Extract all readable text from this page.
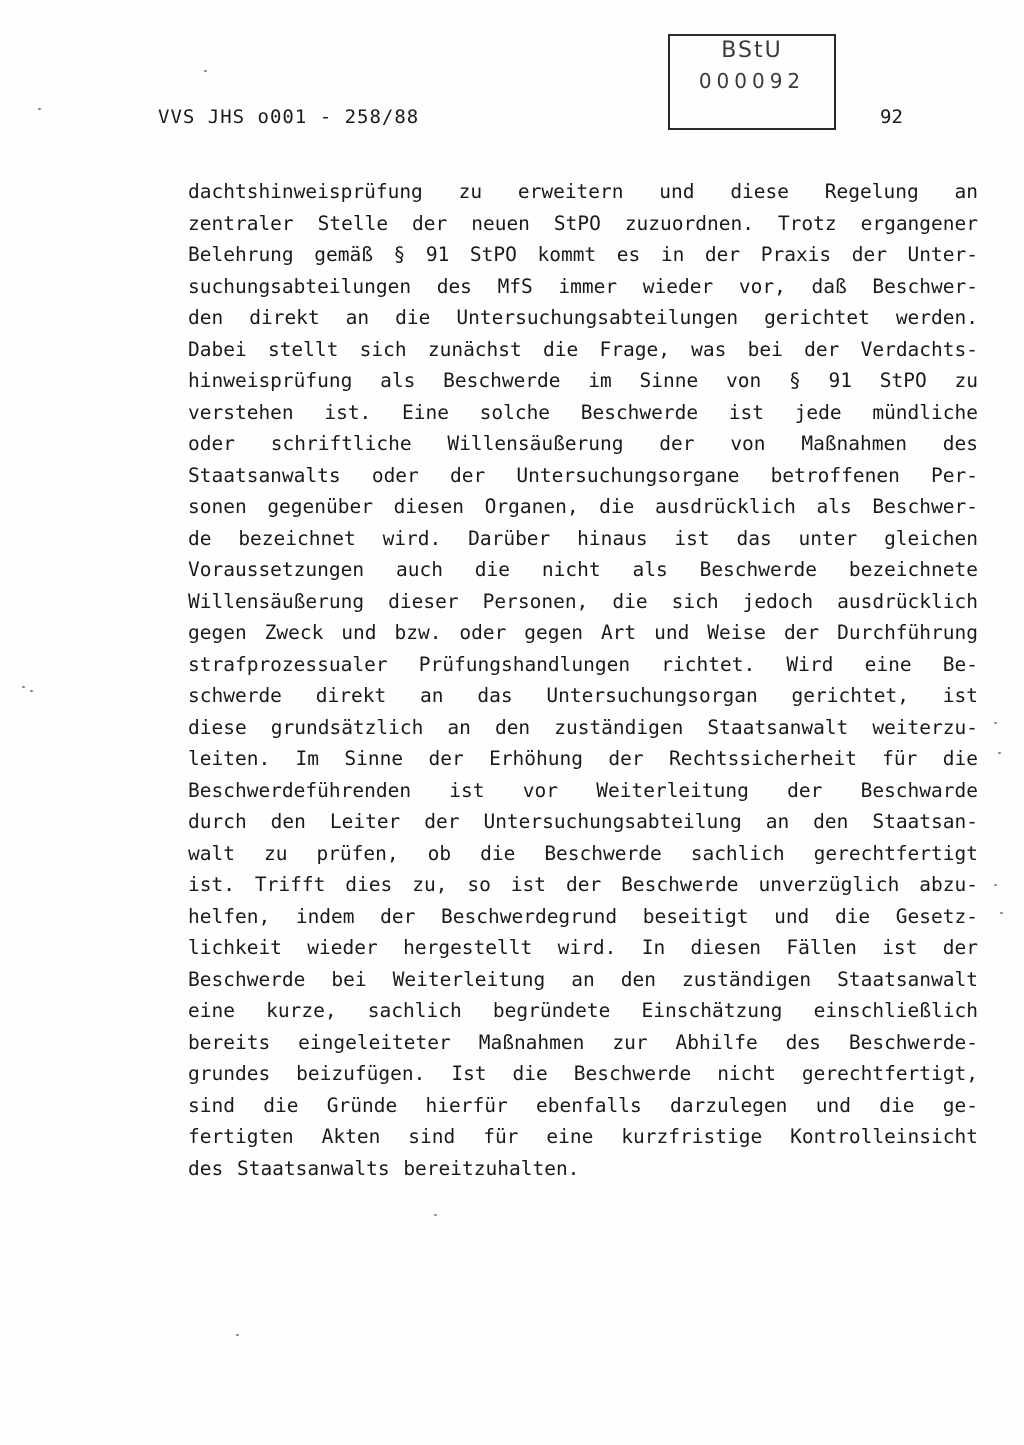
VVS JHS o001 - 258/88
BStU
000092
92
dachtshinweisprüfung zu erweitern und diese Regelung an
zentraler Stelle der neuen StPO zuzuordnen. Trotz ergangener
Belehrung gemäß § 91 StPO kommt es in der Praxis der Unter-
suchungsabteilungen des MfS immer wieder vor, daß Beschwer-
den direkt an die Untersuchungsabteilungen gerichtet werden.
Dabei stellt sich zunächst die Frage, was bei der Verdachts-
hinweisprüfung als Beschwerde im Sinne von § 91 StPO zu
verstehen ist. Eine solche Beschwerde ist jede mündliche
oder schriftliche Willensäußerung der von Maßnahmen des
Staatsanwalts oder der Untersuchungsorgane betroffenen Per-
sonen gegenüber diesen Organen, die ausdrücklich als Beschwer-
de bezeichnet wird. Darüber hinaus ist das unter gleichen
Voraussetzungen auch die nicht als Beschwerde bezeichnete
Willensäußerung dieser Personen, die sich jedoch ausdrücklich
gegen Zweck und bzw. oder gegen Art und Weise der Durchführung
strafprozessualer Prüfungshandlungen richtet. Wird eine Be-
schwerde direkt an das Untersuchungsorgan gerichtet, ist
diese grundsätzlich an den zuständigen Staatsanwalt weiterzu-
leiten. Im Sinne der Erhöhung der Rechtssicherheit für die
Beschwerdeführenden ist vor Weiterleitung der Beschwarde
durch den Leiter der Untersuchungsabteilung an den Staatsan-
walt zu prüfen, ob die Beschwerde sachlich gerechtfertigt
ist. Trifft dies zu, so ist der Beschwerde unverzüglich abzu-
helfen, indem der Beschwerdegrund beseitigt und die Gesetz-
lichkeit wieder hergestellt wird. In diesen Fällen ist der
Beschwerde bei Weiterleitung an den zuständigen Staatsanwalt
eine kurze, sachlich begründete Einschätzung einschließlich
bereits eingeleiteter Maßnahmen zur Abhilfe des Beschwerde-
grundes beizufügen. Ist die Beschwerde nicht gerechtfertigt,
sind die Gründe hierfür ebenfalls darzulegen und die ge-
fertigten Akten sind für eine kurzfristige Kontrolleinsicht
des Staatsanwalts bereitzuhalten.
